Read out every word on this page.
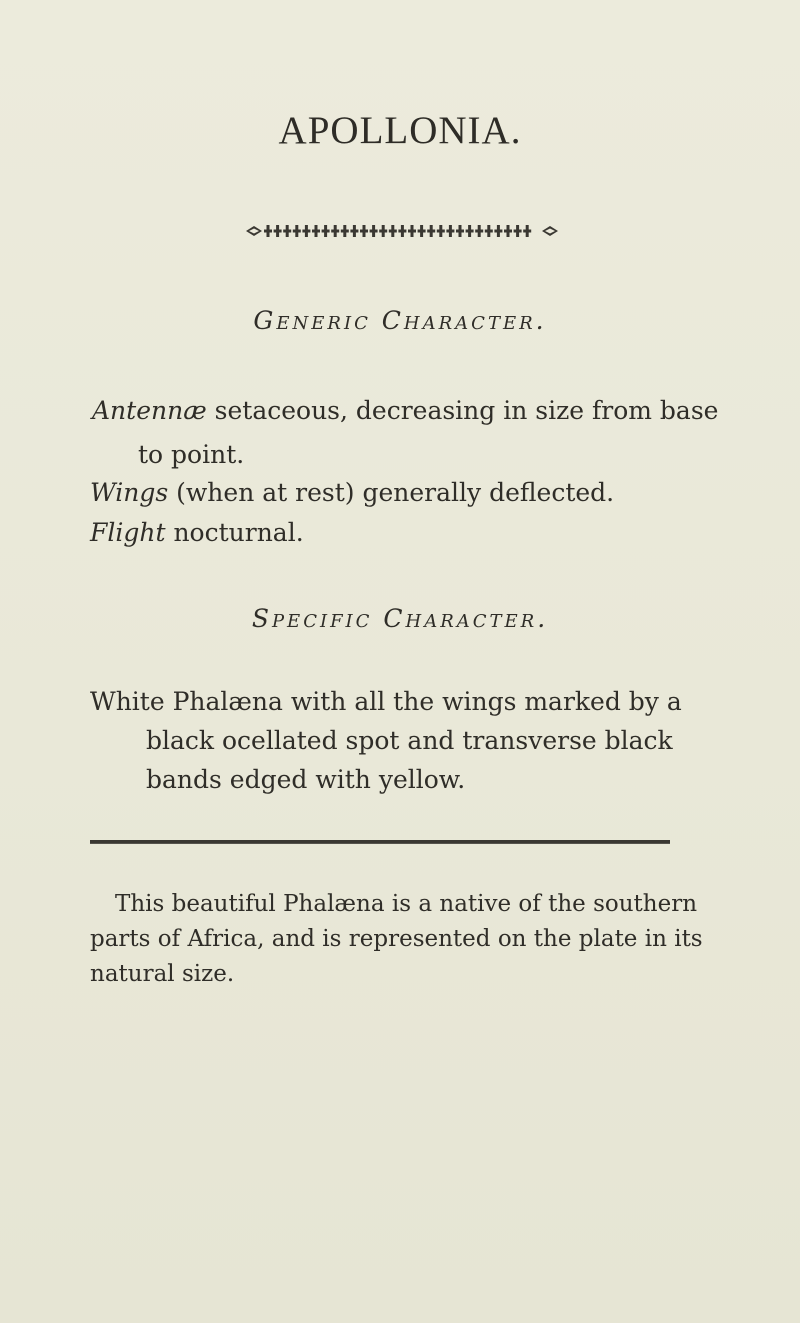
APOLLONIA.
Generic Character.
Antennæ setaceous, decreasing in size from base
to point.
Wings (when at rest) generally deflected.
Flight nocturnal.
Specific Character.
White Phalæna with all the wings marked by a
black ocellated spot and transverse black
bands edged with yellow.
This beautiful Phalæna is a native of the southern
parts of Africa, and is represented on the plate in its
natural size.
